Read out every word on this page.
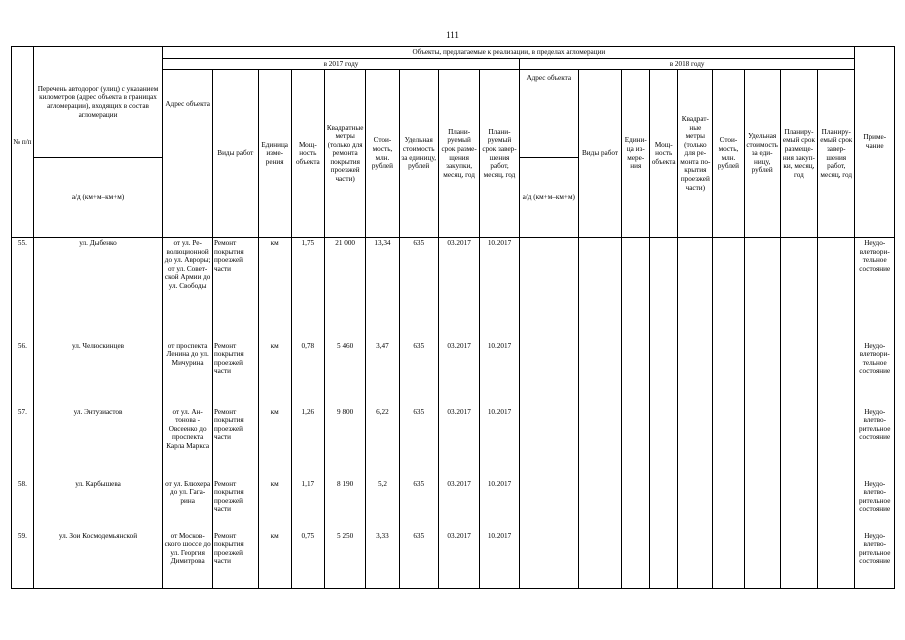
111
№ п/п	Перечень автодорог (улиц) с указанием километров (адрес объекта в границах агломерации), входящих в состав агломерации	Объекты, предлагаемые к реализации, в пределах агломерации																		Примечание
		в 2017 году									в 2018 году									
		Адрес объекта	Виды работ	Единица измерения	Мощность объекта	Квадратные метры (только для ремонта покрытия проезжей части)	Стоимость, млн. рублей	Удельная стоимость за единицу, рублей	Планируемый срок размещения закупки, месяц, год	Планируемый срок завершения работ, месяц, год	Адрес объекта	Виды работ	Единица измерения	Мощность объекта	Квадратные метры (только для ремонта покрытия проезжей части)	Стоимость, млн. рублей	Удельная стоимость за единицу, рублей	Планируемый срок размещения закупки, месяц, год	Планируемый срок завершения работ, месяц, год	
	а/д (км+м–км+м)										а/д (км+м–км+м)									
55.	ул. Дыбенко	от ул. Революционной до ул. Авроры; от ул. Советской Армии до ул. Свободы	Ремонт покрытия проезжей части	км	1,75	21 000	13,34	635	03.2017	10.2017										Неудовлетворительное состояние
56.	ул. Челюскинцев	от проспекта Ленина до ул. Мичурина	Ремонт покрытия проезжей части	км	0,78	5 460	3,47	635	03.2017	10.2017										Неудовлетворительное состояние
57.	ул. Энтузиастов	от ул. Антонова - Овсеенко до проспекта Карла Маркса	Ремонт покрытия проезжей части	км	1,26	9 800	6,22	635	03.2017	10.2017										Неудовлетворительное состояние
58.	ул. Карбышева	от ул. Блюхера до ул. Гагарина	Ремонт покрытия проезжей части	км	1,17	8 190	5,2	635	03.2017	10.2017										Неудовлетворительное состояние
59.	ул. Зои Космодемьянской	от Московского шоссе до ул. Георгия Димитрова	Ремонт покрытия проезжей части	км	0,75	5 250	3,33	635	03.2017	10.2017										Неудовлетворительное состояние
